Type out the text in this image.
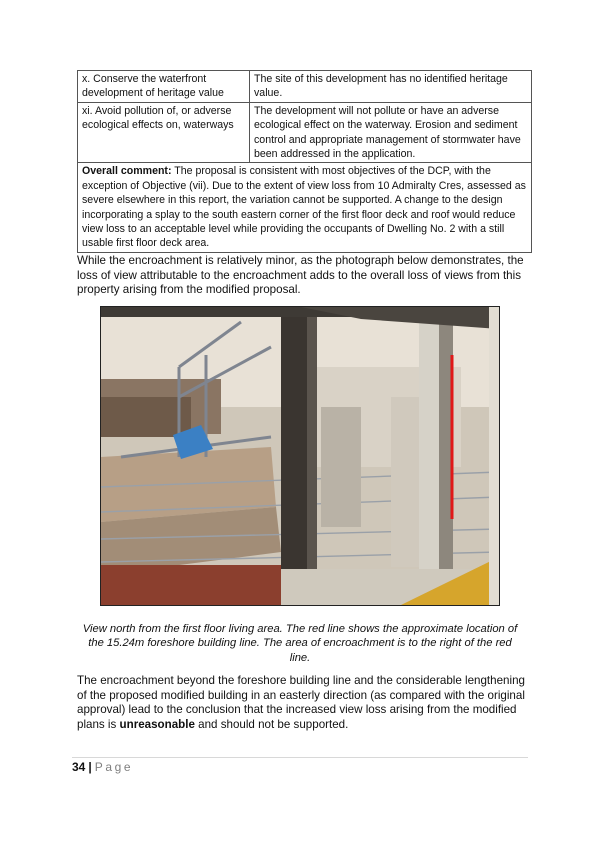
x. Conserve the waterfront development of heritage value	The site of this development has no identified heritage value.
xi. Avoid pollution of, or adverse ecological effects on, waterways	The development will not pollute or have an adverse ecological effect on the waterway. Erosion and sediment control and appropriate management of stormwater have been addressed in the application.
Overall comment: The proposal is consistent with most objectives of the DCP, with the exception of Objective (vii). Due to the extent of view loss from 10 Admiralty Cres, assessed as severe elsewhere in this report, the variation cannot be supported. A change to the design incorporating a splay to the south eastern corner of the first floor deck and roof would reduce view loss to an acceptable level while providing the occupants of Dwelling No. 2 with a still usable first floor deck area.	

While the encroachment is relatively minor, as the photograph below demonstrates, the loss of view attributable to the encroachment adds to the overall loss of views from this property arising from the modified proposal.

View north from the first floor living area. The red line shows the approximate location of the 15.24m foreshore building line. The area of encroachment is to the right of the red line.

The encroachment beyond the foreshore building line and the considerable lengthening of the proposed modified building in an easterly direction (as compared with the original approval) lead to the conclusion that the increased view loss arising from the modified plans is unreasonable and should not be supported.

34 | Page
